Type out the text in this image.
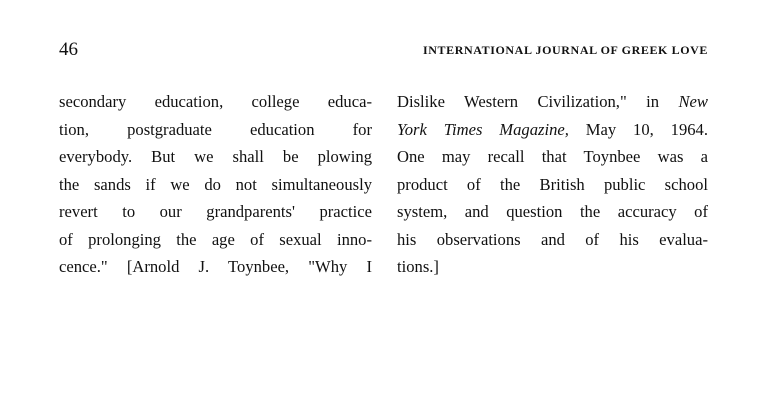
46	INTERNATIONAL JOURNAL OF GREEK LOVE
secondary education, college educa-
tion, postgraduate education for
everybody. But we shall be plowing
the sands if we do not simultaneously
revert to our grandparents' practice
of prolonging the age of sexual inno-
cence." [Arnold J. Toynbee, "Why I
Dislike Western Civilization," in New
York Times Magazine, May 10, 1964.
One may recall that Toynbee was a
product of the British public school
system, and question the accuracy of
his observations and of his evalua-
tions.]
